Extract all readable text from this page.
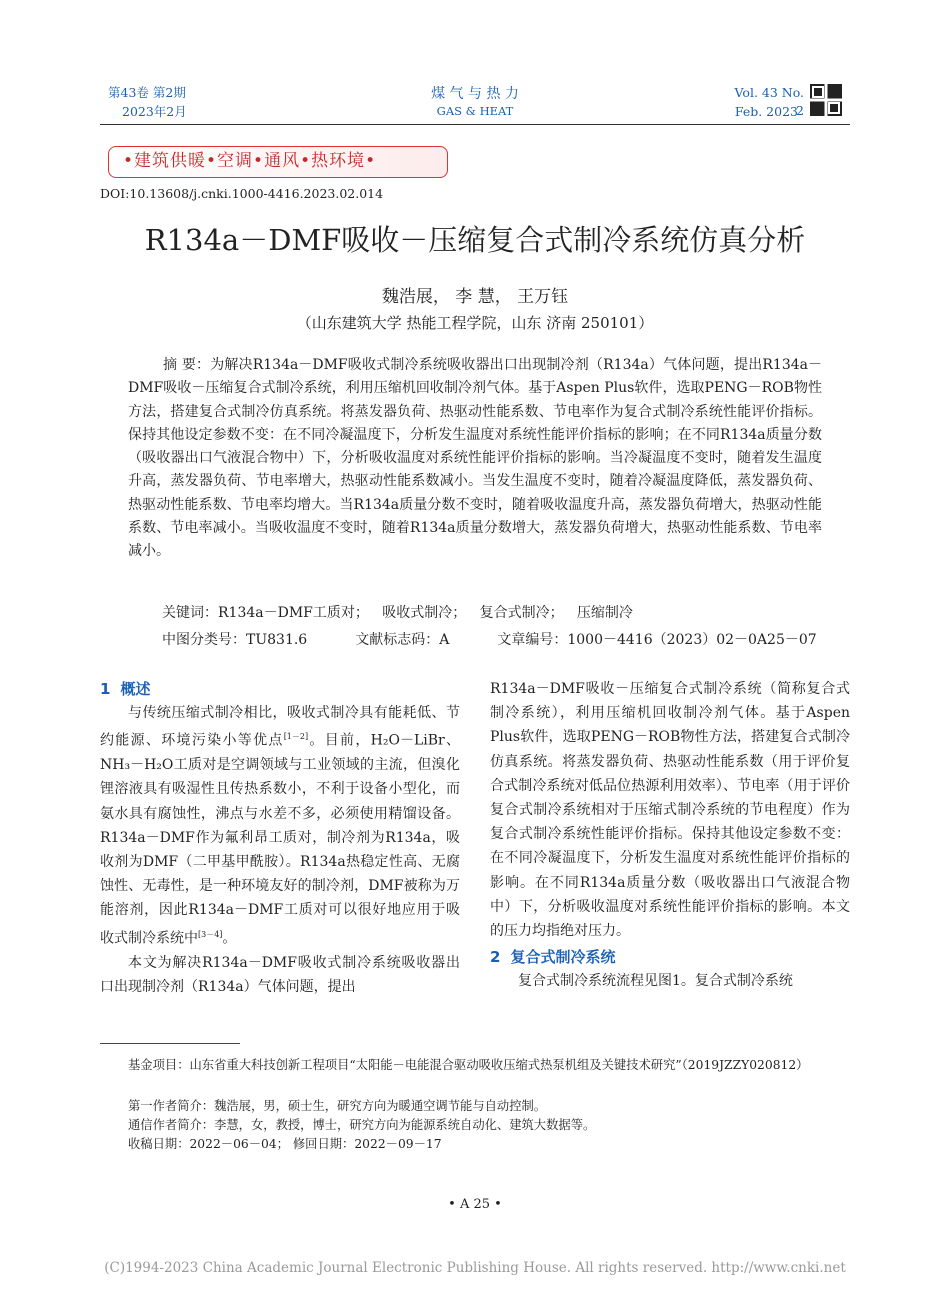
第43卷 第2期
2023年2月
煤 气 与 热 力
GAS & HEAT
Vol. 43 No. 2
Feb. 2023
•建筑供暖•空调•通风•热环境•
DOI:10.13608/j.cnki.1000-4416.2023.02.014
R134a－DMF吸收－压缩复合式制冷系统仿真分析
魏浩展， 李 慧， 王万钰
（山东建筑大学 热能工程学院，山东 济南 250101）
摘 要：为解决R134a－DMF吸收式制冷系统吸收器出口出现制冷剂（R134a）气体问题，提出R134a－DMF吸收－压缩复合式制冷系统，利用压缩机回收制冷剂气体。基于Aspen Plus软件，选取PENG－ROB物性方法，搭建复合式制冷仿真系统。将蒸发器负荷、热驱动性能系数、节电率作为复合式制冷系统性能评价指标。保持其他设定参数不变：在不同冷凝温度下，分析发生温度对系统性能评价指标的影响；在不同R134a质量分数（吸收器出口气液混合物中）下，分析吸收温度对系统性能评价指标的影响。当冷凝温度不变时，随着发生温度升高，蒸发器负荷、节电率增大，热驱动性能系数减小。当发生温度不变时，随着冷凝温度降低，蒸发器负荷、热驱动性能系数、节电率均增大。当R134a质量分数不变时，随着吸收温度升高，蒸发器负荷增大，热驱动性能系数、节电率减小。当吸收温度不变时，随着R134a质量分数增大，蒸发器负荷增大，热驱动性能系数、节电率减小。
关键词：R134a－DMF工质对；   吸收式制冷；   复合式制冷；   压缩制冷
中图分类号：TU831.6	文献标志码：A	文章编号：1000－4416（2023）02－0A25－07
1 概述

与传统压缩式制冷相比，吸收式制冷具有能耗低、节约能源、环境污染小等优点[1－2]。目前，H₂O－LiBr、NH₃－H₂O工质对是空调领域与工业领域的主流，但溴化锂溶液具有吸湿性且传热系数小，不利于设备小型化，而氨水具有腐蚀性，沸点与水差不多，必须使用精馏设备。R134a－DMF作为氟利昂工质对，制冷剂为R134a，吸收剂为DMF（二甲基甲酰胺）。R134a热稳定性高、无腐蚀性、无毒性，是一种环境友好的制冷剂，DMF被称为万能溶剂，因此R134a－DMF工质对可以很好地应用于吸收式制冷系统中[3－4]。

本文为解决R134a－DMF吸收式制冷系统吸收器出口出现制冷剂（R134a）气体问题，提出

R134a－DMF吸收－压缩复合式制冷系统（简称复合式制冷系统），利用压缩机回收制冷剂气体。基于Aspen Plus软件，选取PENG－ROB物性方法，搭建复合式制冷仿真系统。将蒸发器负荷、热驱动性能系数（用于评价复合式制冷系统对低品位热源利用效率）、节电率（用于评价复合式制冷系统相对于压缩式制冷系统的节电程度）作为复合式制冷系统性能评价指标。保持其他设定参数不变：在不同冷凝温度下，分析发生温度对系统性能评价指标的影响。在不同R134a质量分数（吸收器出口气液混合物中）下，分析吸收温度对系统性能评价指标的影响。本文的压力均指绝对压力。

2 复合式制冷系统

复合式制冷系统流程见图1。复合式制冷系统

基金项目： 山东省重大科技创新工程项目“太阳能－电能混合驱动吸收压缩式热泵机组及关键技术研究”（2019JZZY020812）
第一作者简介：魏浩展，男，硕士生，研究方向为暖通空调节能与自动控制。
通信作者简介：李慧，女，教授，博士，研究方向为能源系统自动化、建筑大数据等。
收稿日期：2022－06－04； 修回日期：2022－09－17
• A 25 •
(C)1994-2023 China Academic Journal Electronic Publishing House. All rights reserved. http://www.cnki.net
